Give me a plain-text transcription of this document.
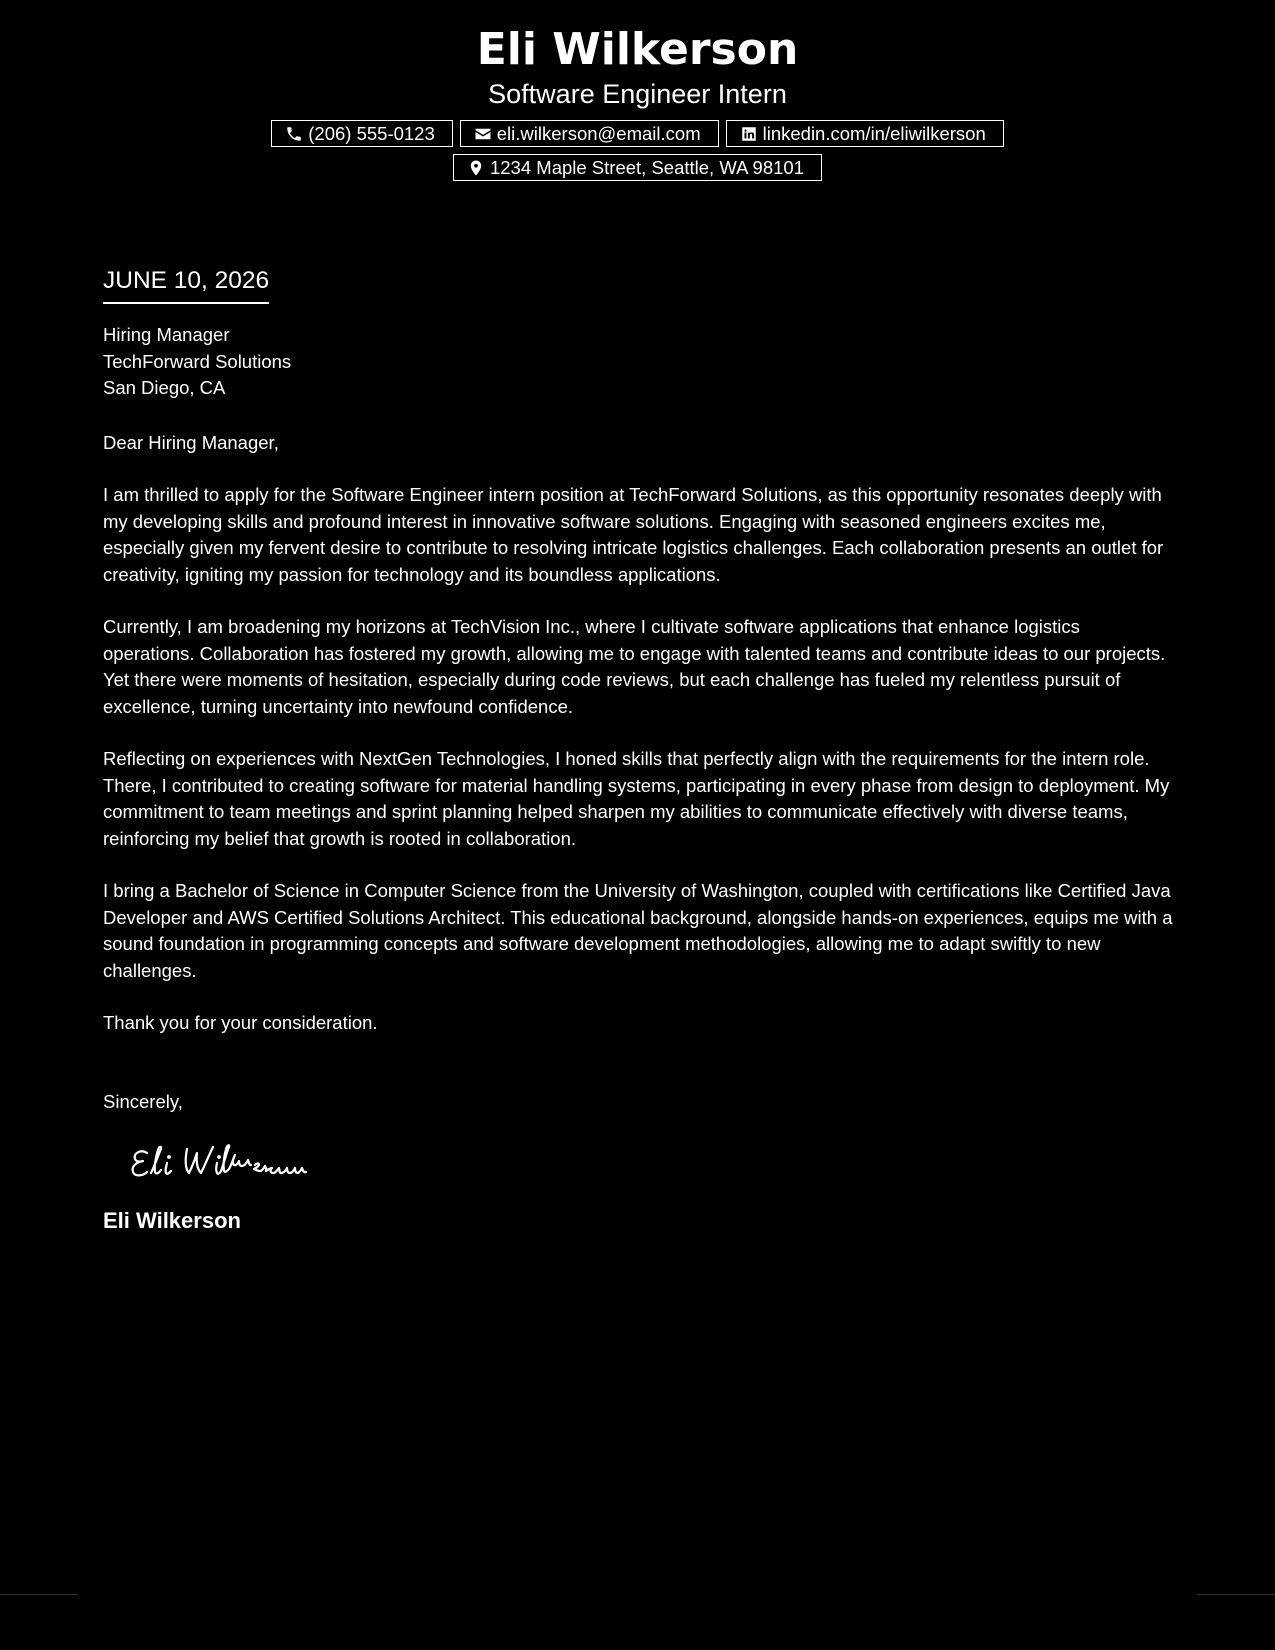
Eli Wilkerson
Software Engineer Intern
(206) 555-0123	eli.wilkerson@email.com	linkedin.com/in/eliwilkerson
1234 Maple Street, Seattle, WA 98101
JUNE 10, 2026
Hiring Manager
TechForward Solutions
San Diego, CA
Dear Hiring Manager,

I am thrilled to apply for the Software Engineer intern position at TechForward Solutions, as this opportunity resonates deeply with my developing skills and profound interest in innovative software solutions. Engaging with seasoned engineers excites me, especially given my fervent desire to contribute to resolving intricate logistics challenges. Each collaboration presents an outlet for creativity, igniting my passion for technology and its boundless applications.

Currently, I am broadening my horizons at TechVision Inc., where I cultivate software applications that enhance logistics operations. Collaboration has fostered my growth, allowing me to engage with talented teams and contribute ideas to our projects. Yet there were moments of hesitation, especially during code reviews, but each challenge has fueled my relentless pursuit of excellence, turning uncertainty into newfound confidence.

Reflecting on experiences with NextGen Technologies, I honed skills that perfectly align with the requirements for the intern role. There, I contributed to creating software for material handling systems, participating in every phase from design to deployment. My commitment to team meetings and sprint planning helped sharpen my abilities to communicate effectively with diverse teams, reinforcing my belief that growth is rooted in collaboration.

I bring a Bachelor of Science in Computer Science from the University of Washington, coupled with certifications like Certified Java Developer and AWS Certified Solutions Architect. This educational background, alongside hands-on experiences, equips me with a sound foundation in programming concepts and software development methodologies, allowing me to adapt swiftly to new challenges.

Thank you for your consideration.
Sincerely,
Eli Wilkerson
